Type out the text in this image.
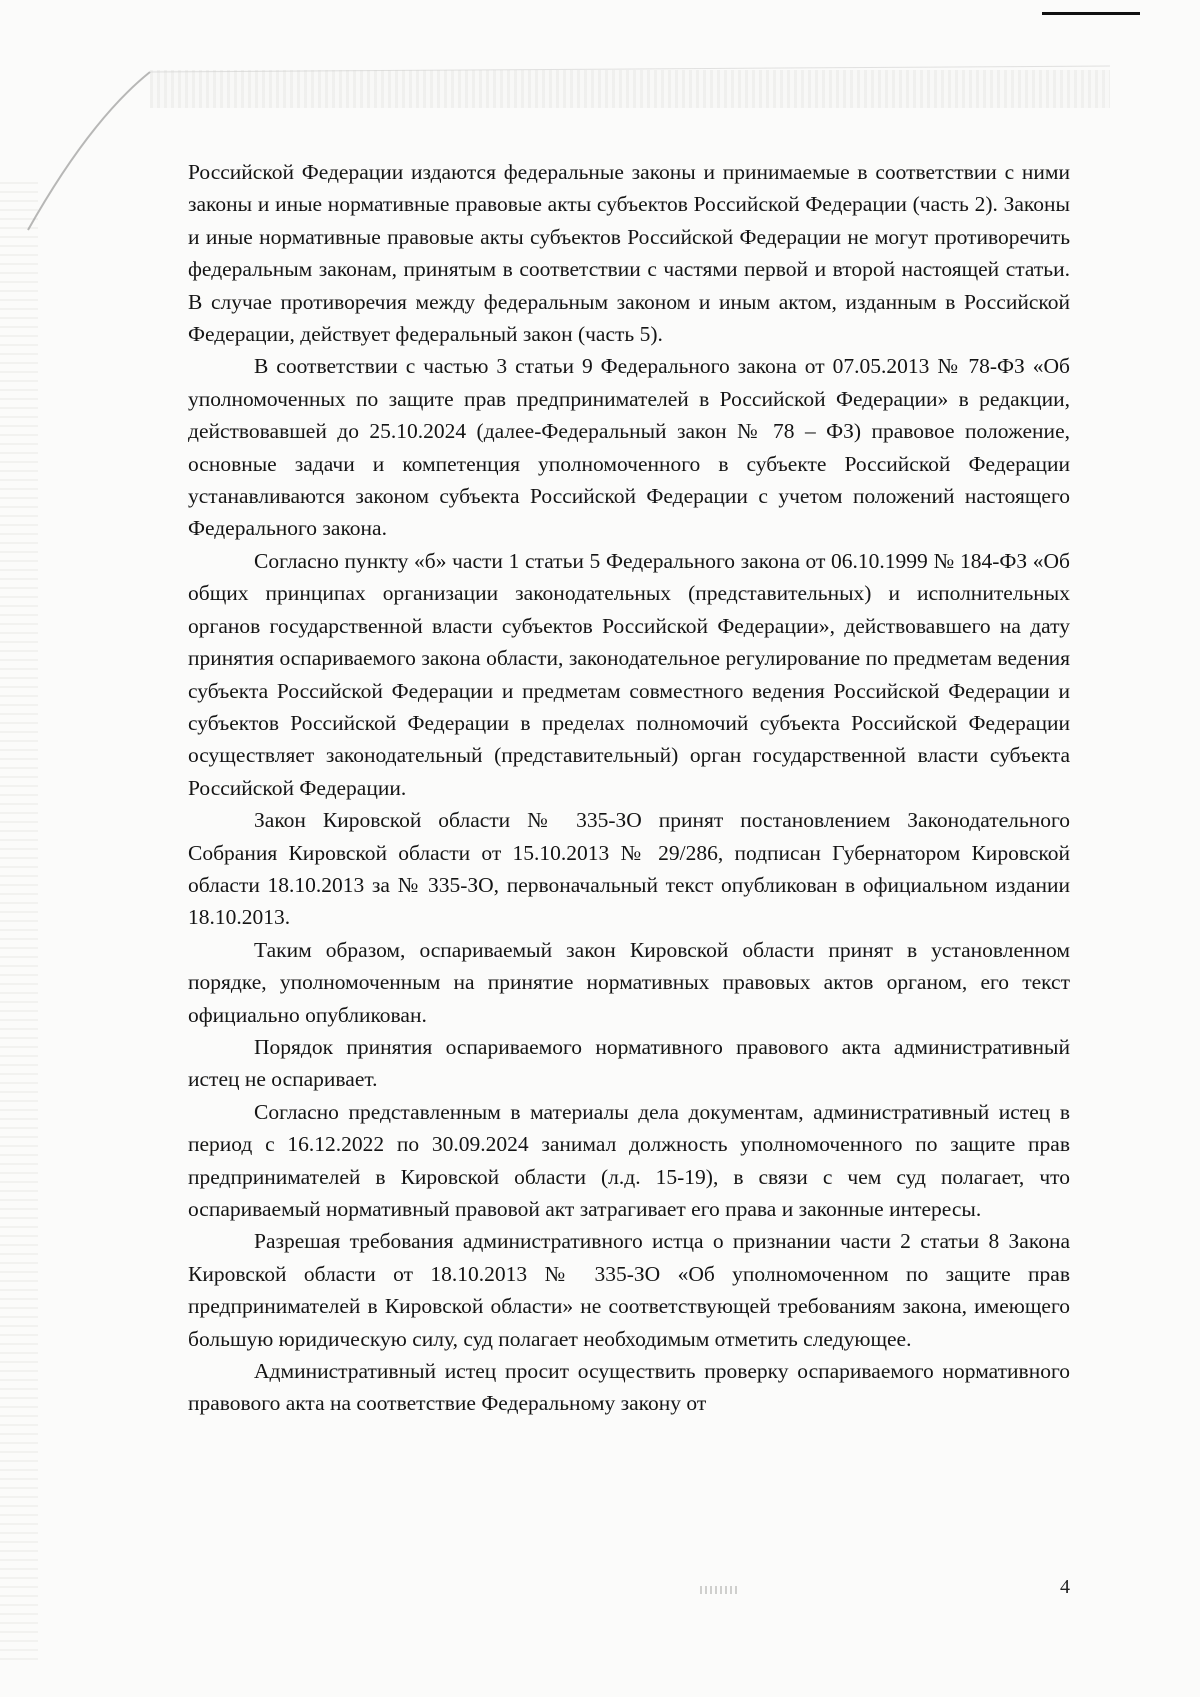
Российской Федерации издаются федеральные законы и принимаемые в соответствии с ними законы и иные нормативные правовые акты субъектов Российской Федерации (часть 2). Законы и иные нормативные правовые акты субъектов Российской Федерации не могут противоречить федеральным законам, принятым в соответствии с частями первой и второй настоящей статьи. В случае противоречия между федеральным законом и иным актом, изданным в Российской Федерации, действует федеральный закон (часть 5).

В соответствии с частью 3 статьи 9 Федерального закона от 07.05.2013 № 78-ФЗ «Об уполномоченных по защите прав предпринимателей в Российской Федерации» в редакции, действовавшей до 25.10.2024 (далее-Федеральный закон № 78 – ФЗ) правовое положение, основные задачи и компетенция уполномоченного в субъекте Российской Федерации устанавливаются законом субъекта Российской Федерации с учетом положений настоящего Федерального закона.

Согласно пункту «б» части 1 статьи 5 Федерального закона от 06.10.1999 № 184-ФЗ «Об общих принципах организации законодательных (представительных) и исполнительных органов государственной власти субъектов Российской Федерации», действовавшего на дату принятия оспариваемого закона области, законодательное регулирование по предметам ведения субъекта Российской Федерации и предметам совместного ведения Российской Федерации и субъектов Российской Федерации в пределах полномочий субъекта Российской Федерации осуществляет законодательный (представительный) орган государственной власти субъекта Российской Федерации.

Закон Кировской области № 335-ЗО принят постановлением Законодательного Собрания Кировской области от 15.10.2013 № 29/286, подписан Губернатором Кировской области 18.10.2013 за № 335-ЗО, первоначальный текст опубликован в официальном издании 18.10.2013.

Таким образом, оспариваемый закон Кировской области принят в установленном порядке, уполномоченным на принятие нормативных правовых актов органом, его текст официально опубликован.

Порядок принятия оспариваемого нормативного правового акта административный истец не оспаривает.

Согласно представленным в материалы дела документам, административный истец в период с 16.12.2022 по 30.09.2024 занимал должность уполномоченного по защите прав предпринимателей в Кировской области (л.д. 15-19), в связи с чем суд полагает, что оспариваемый нормативный правовой акт затрагивает его права и законные интересы.

Разрешая требования административного истца о признании части 2 статьи 8 Закона Кировской области от 18.10.2013 № 335-ЗО «Об уполномоченном по защите прав предпринимателей в Кировской области» не соответствующей требованиям закона, имеющего большую юридическую силу, суд полагает необходимым отметить следующее.

Административный истец просит осуществить проверку оспариваемого нормативного правового акта на соответствие Федеральному закону от

4
